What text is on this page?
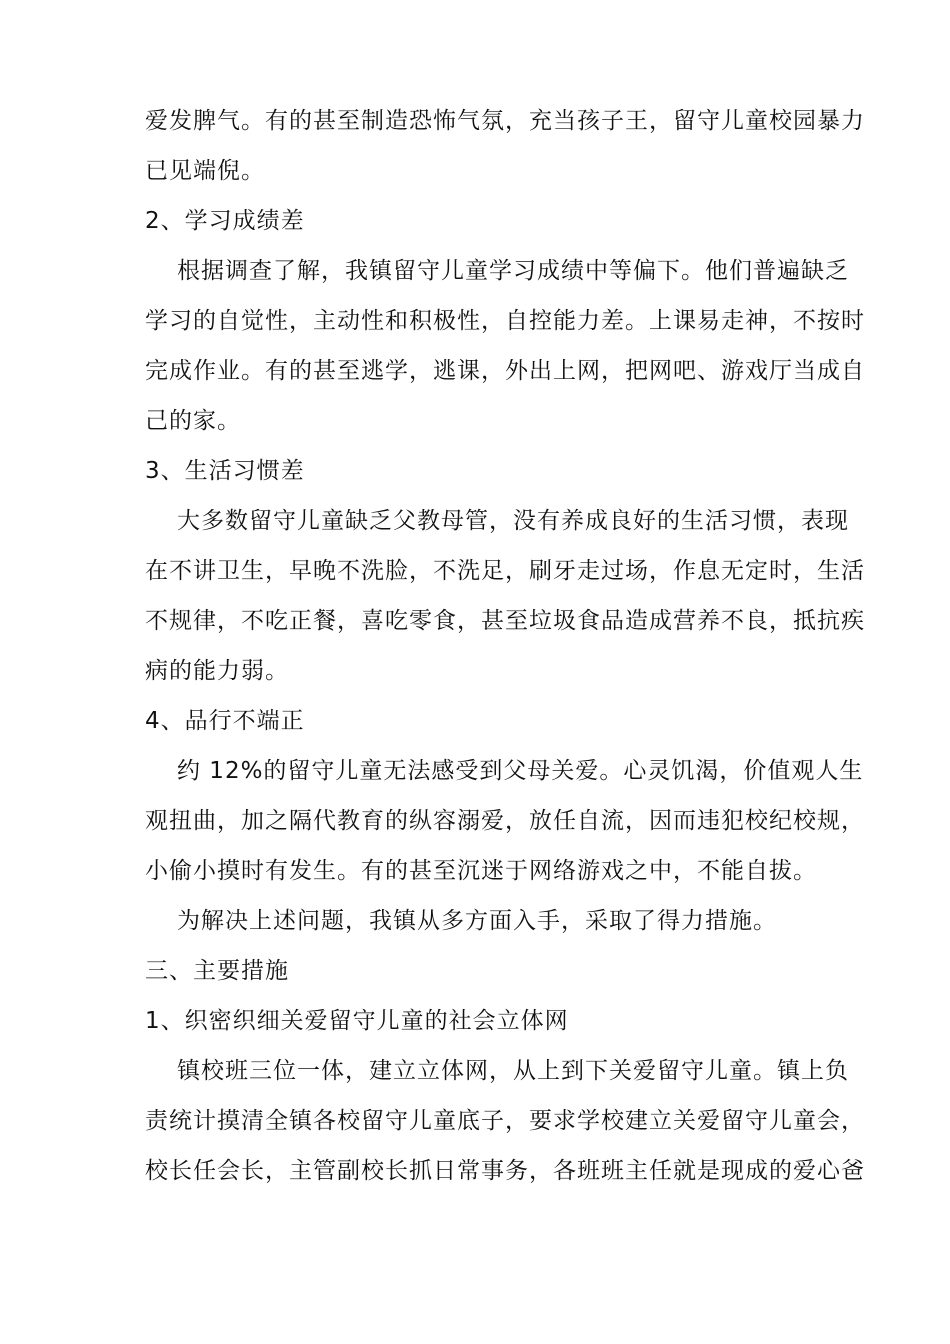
爱发脾气。有的甚至制造恐怖气氛，充当孩子王，留守儿童校园暴力
已见端倪。
2、学习成绩差
根据调查了解，我镇留守儿童学习成绩中等偏下。他们普遍缺乏
学习的自觉性，主动性和积极性，自控能力差。上课易走神，不按时
完成作业。有的甚至逃学，逃课，外出上网，把网吧、游戏厅当成自
己的家。
3、生活习惯差
大多数留守儿童缺乏父教母管，没有养成良好的生活习惯，表现
在不讲卫生，早晚不洗脸，不洗足，刷牙走过场，作息无定时，生活
不规律，不吃正餐，喜吃零食，甚至垃圾食品造成营养不良，抵抗疾
病的能力弱。
4、品行不端正
约 12%的留守儿童无法感受到父母关爱。心灵饥渴，价值观人生
观扭曲，加之隔代教育的纵容溺爱，放任自流，因而违犯校纪校规，
小偷小摸时有发生。有的甚至沉迷于网络游戏之中，不能自拔。
为解决上述问题，我镇从多方面入手，采取了得力措施。
三、主要措施
1、织密织细关爱留守儿童的社会立体网
镇校班三位一体，建立立体网，从上到下关爱留守儿童。镇上负
责统计摸清全镇各校留守儿童底子，要求学校建立关爱留守儿童会，
校长任会长，主管副校长抓日常事务，各班班主任就是现成的爱心爸
